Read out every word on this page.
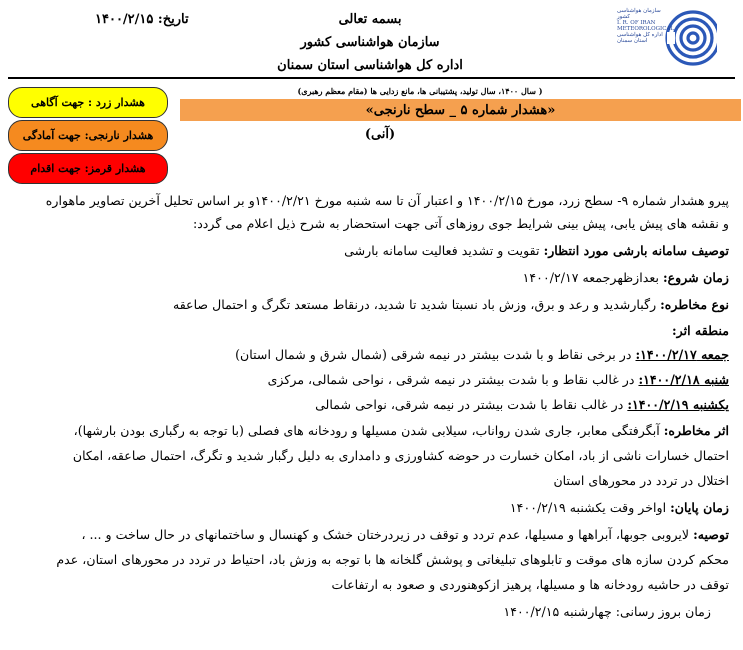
بسمه تعالی
سازمان هواشناسی کشور
اداره کل هواشناسی استان سمنان
تاریخ: ۱۴۰۰/۲/۱۵
سازمان هواشناسی کشور
I. R. OF IRAN
METEOROLOGICAL
اداره کل هواشناسی استان سمنان
( سال ۱۴۰۰، سال تولید، پشتیبانی ها، مانع زدایی ها (مقام معظم رهبری)
«هشدار شماره ۵ _ سطح نارنجی»
(آنی)
هشدار زرد : جهت آگاهی
هشدار نارنجی: جهت آمادگی
هشدار قرمز: جهت اقدام
پیرو هشدار شماره ۹- سطح زرد، مورخ ۱۴۰۰/۲/۱۵ و اعتبار آن تا سه شنبه مورخ ۱۴۰۰/۲/۲۱و بر اساس تحلیل آخرین تصاویر ماهواره
و نقشه های پیش یابی، پیش بینی شرایط جوی روزهای آتی جهت استحضار به شرح ذیل اعلام می گردد:
توصیف سامانه بارشی مورد انتظار: تقویت و تشدید فعالیت سامانه بارشی
زمان شروع: بعدازظهرجمعه ۱۴۰۰/۲/۱۷
نوع مخاطره: رگبارشدید و رعد و برق، وزش باد نسبتا شدید تا شدید، درنقاط مستعد تگرگ و احتمال صاعقه
منطقه اثر:
جمعه ۱۴۰۰/۲/۱۷: در برخی نقاط و با شدت بیشتر در نیمه شرقی (شمال شرق و شمال استان)
شنبه ۱۴۰۰/۲/۱۸: در غالب نقاط و با شدت بیشتر در نیمه شرقی ، نواحی شمالی، مرکزی
یکشنبه ۱۴۰۰/۲/۱۹: در غالب نقاط با شدت بیشتر در نیمه شرقی، نواحی شمالی
اثر مخاطره: آبگرفتگی معابر، جاری شدن رواناب، سیلابی شدن مسیلها و رودخانه های فصلی (با توجه به رگباری بودن بارشها)،
احتمال خسارات ناشی از باد، امکان خسارت در حوضه کشاورزی و دامداری به دلیل رگبار شدید و تگرگ، احتمال صاعقه، امکان
اختلال در تردد در محورهای استان
زمان پایان: اواخر وقت یکشنبه ۱۴۰۰/۲/۱۹
توصیه: لایروبی جوبها، آبراهها و مسیلها، عدم تردد و توقف در زیردرختان خشک و کهنسال و ساختمانهای در حال ساخت و ... ،
محکم کردن سازه های موقت و تابلوهای تبلیغاتی و پوشش گلخانه ها با توجه به وزش باد، احتیاط در تردد در محورهای استان، عدم
توقف در حاشیه رودخانه ها و مسیلها، پرهیز ازکوهنوردی و صعود به ارتفاعات
زمان بروز رسانی: چهارشنبه ۱۴۰۰/۲/۱۵
